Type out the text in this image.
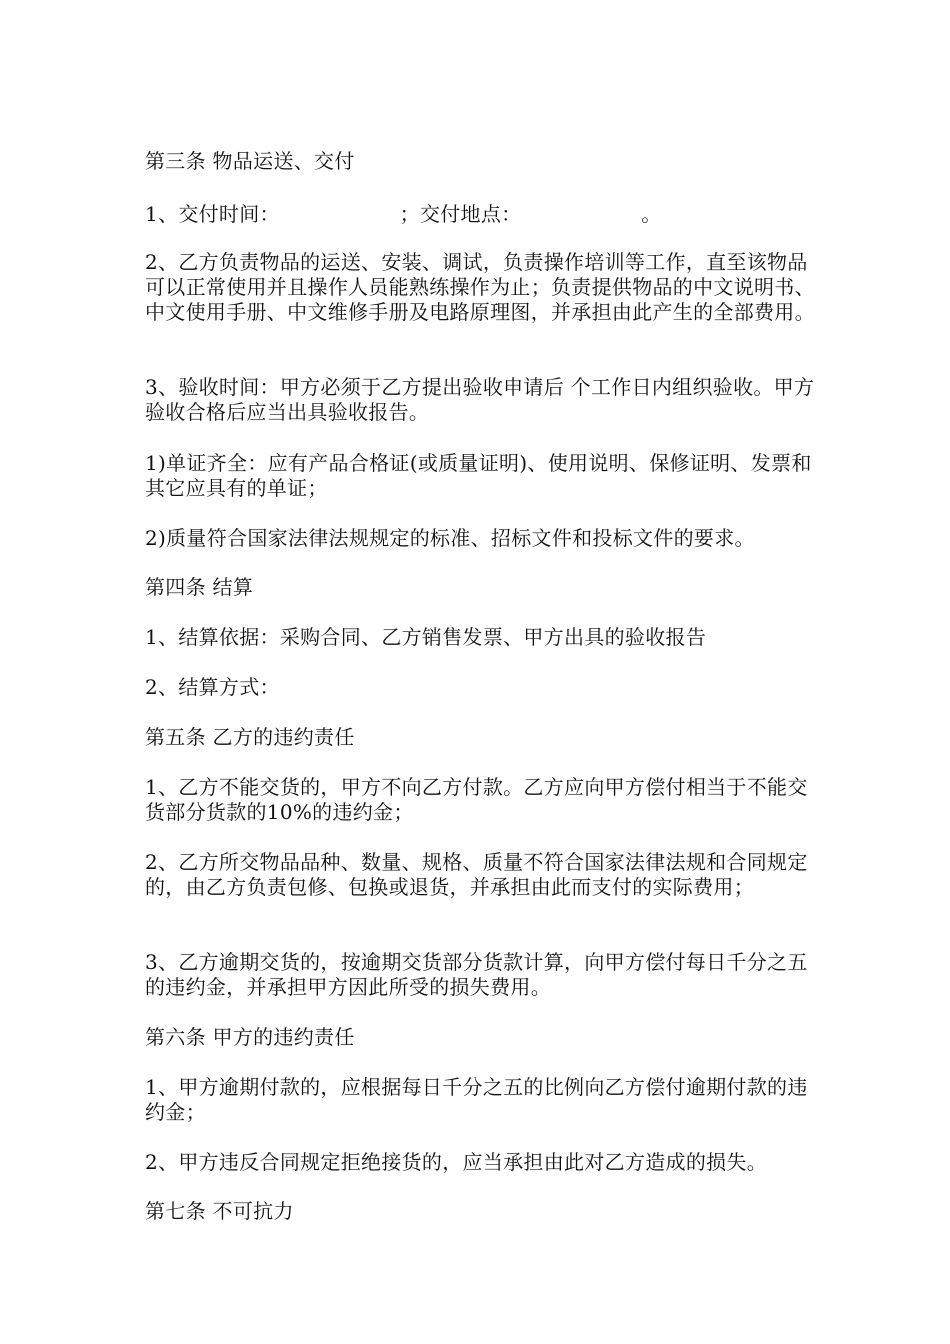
第三条 物品运送、交付

1、交付时间：                  ；交付地点：                  。

2、乙方负责物品的运送、安装、调试，负责操作培训等工作，直至该物品可以正常使用并且操作人员能熟练操作为止；负责提供物品的中文说明书、中文使用手册、中文维修手册及电路原理图，并承担由此产生的全部费用。

3、验收时间：甲方必须于乙方提出验收申请后 个工作日内组织验收。甲方验收合格后应当出具验收报告。

1)单证齐全：应有产品合格证(或质量证明)、使用说明、保修证明、发票和其它应具有的单证；

2)质量符合国家法律法规规定的标准、招标文件和投标文件的要求。

第四条 结算

1、结算依据：采购合同、乙方销售发票、甲方出具的验收报告

2、结算方式：

第五条 乙方的违约责任

1、乙方不能交货的，甲方不向乙方付款。乙方应向甲方偿付相当于不能交货部分货款的10%的违约金；

2、乙方所交物品品种、数量、规格、质量不符合国家法律法规和合同规定的，由乙方负责包修、包换或退货，并承担由此而支付的实际费用；

3、乙方逾期交货的，按逾期交货部分货款计算，向甲方偿付每日千分之五的违约金，并承担甲方因此所受的损失费用。

第六条 甲方的违约责任

1、甲方逾期付款的，应根据每日千分之五的比例向乙方偿付逾期付款的违约金；

2、甲方违反合同规定拒绝接货的，应当承担由此对乙方造成的损失。

第七条 不可抗力
